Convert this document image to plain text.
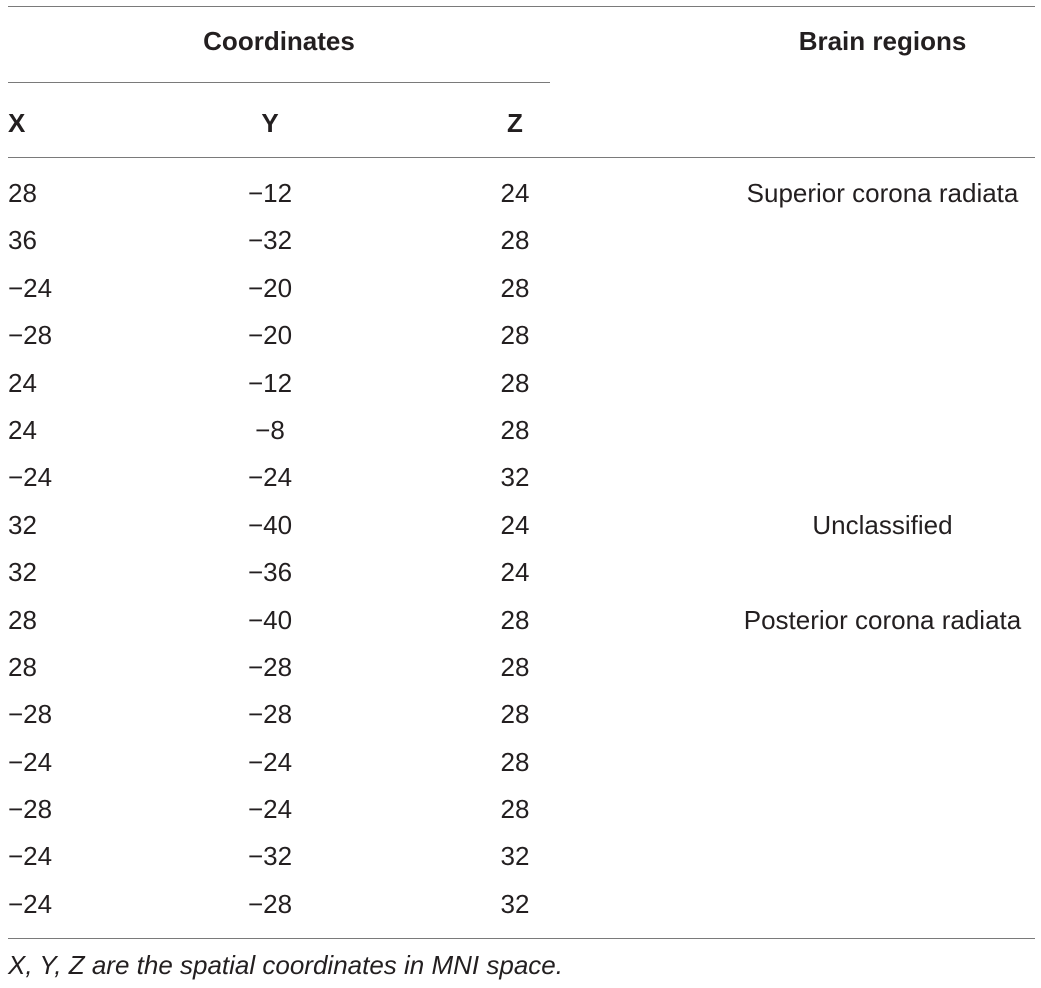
Coordinates	Brain regions
X	Y	Z
28	−12	24	Superior corona radiata
36	−32	28
−24	−20	28
−28	−20	28
24	−12	28
24	−8	28
−24	−24	32
32	−40	24	Unclassified
32	−36	24
28	−40	28	Posterior corona radiata
28	−28	28
−28	−28	28
−24	−24	28
−28	−24	28
−24	−32	32
−24	−28	32
X, Y, Z are the spatial coordinates in MNI space.
